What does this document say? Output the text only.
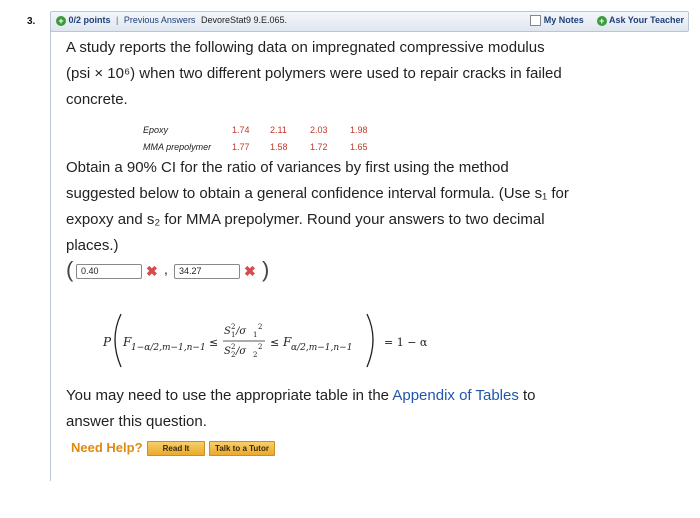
3.	+ 0/2 points | Previous Answers DevoreStat9 9.E.065.	My Notes + Ask Your Teacher
A study reports the following data on impregnated compressive modulus
(psi × 10⁶) when two different polymers were used to repair cracks in failed
concrete.
Epoxy	1.74 2.11	2.03 1.98
MMA prepolymer 1.77 1.58 1.72 1.65
Obtain a 90% CI for the ratio of variances by first using the method
suggested below to obtain a general confidence interval formula. (Use s₁ for
expoxy and s₂ for MMA prepolymer. Round your answers to two decimal
places.)
( 0.40	✖ ,	34.27	✖ )
P F 1−α/2,m−1,n−1 ≤
S 1
2 /σ 1
2
S 2
2 /σ 2
2 ≤ F α/2,m−1,n−1	= 1 − α
You may need to use the appropriate table in the Appendix of Tables to
answer this question.
Need Help?	Read It	Talk to a Tutor
